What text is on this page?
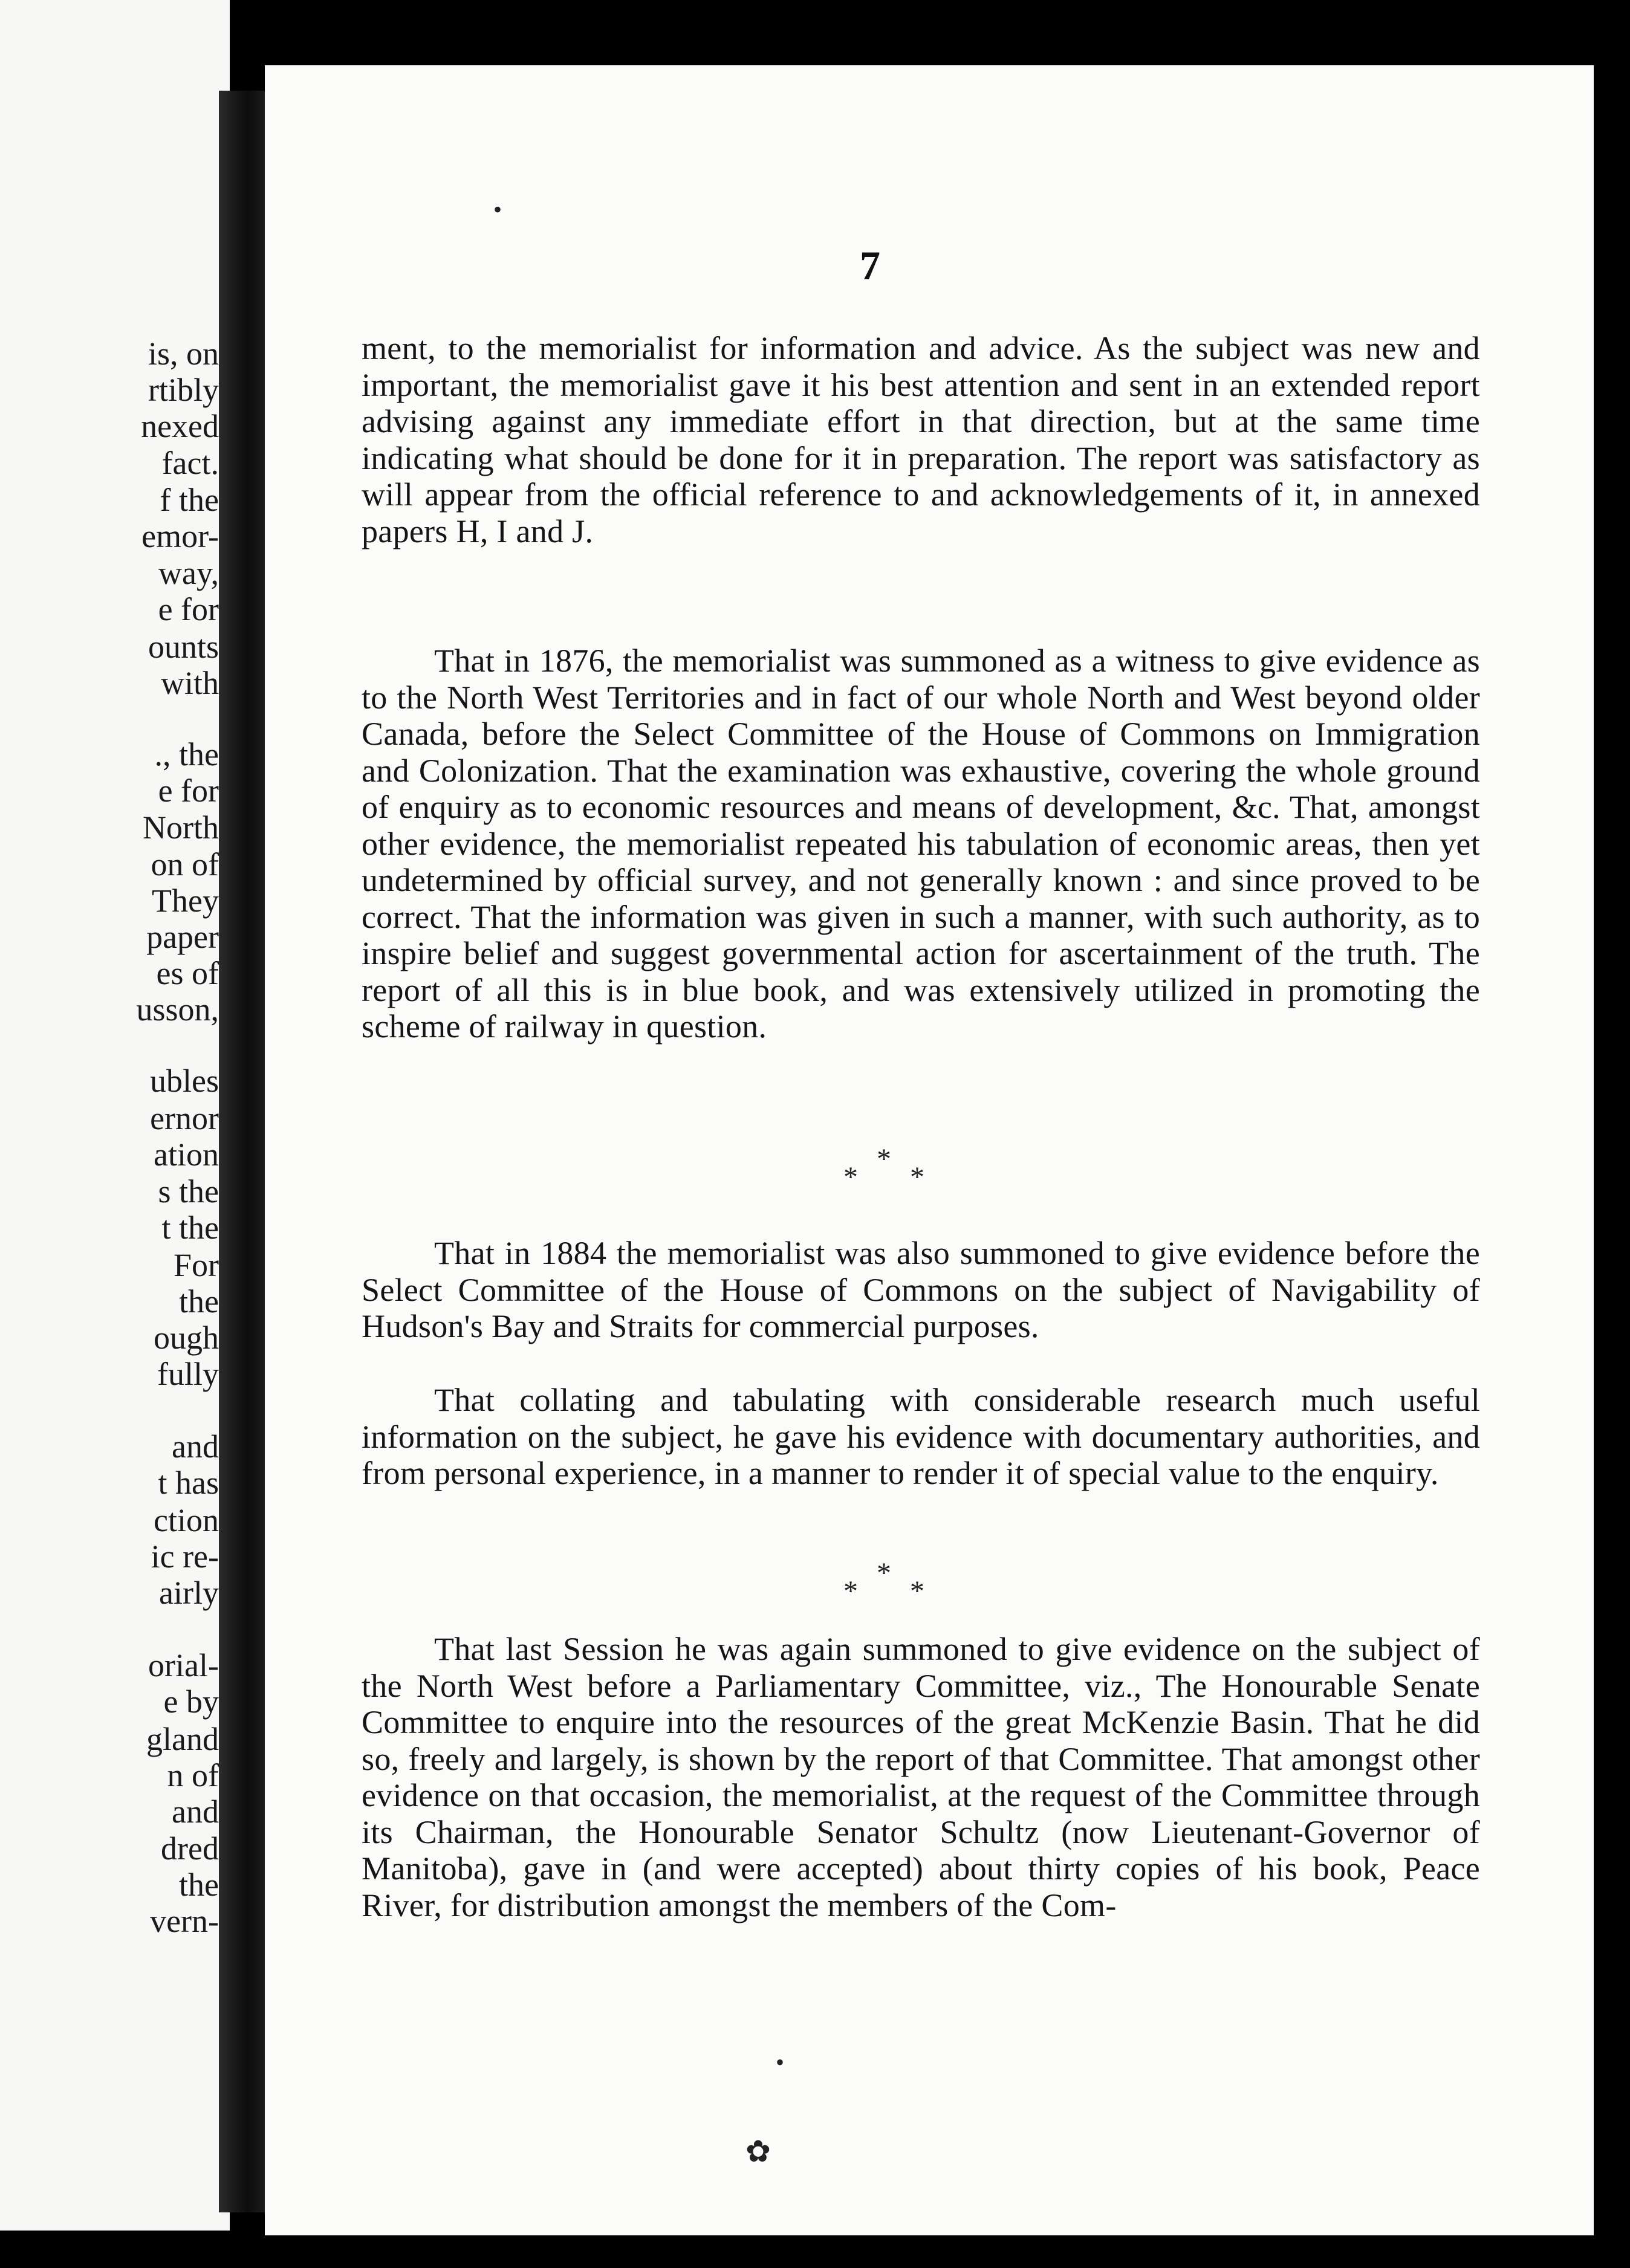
is, on
rtibly
nexed
fact.
f the
emor-
way,
e for
ounts
with
., the
e for
North
on of
They
paper
es of
usson,
ubles
ernor
ation
s the
t the
For
the
ough
fully
and
t has
ction
ic re-
airly
orial-
e by
gland
n of
and
dred
the
vern-
•
7

ment, to the memorialist for information and advice. As the subject was new and important, the memorialist gave it his best attention and sent in an extended report advising against any immediate effort in that direction, but at the same time indicating what should be done for it in preparation. The report was satisfactory as will appear from the official reference to and acknowledgements of it, in annexed papers H, I and J.

That in 1876, the memorialist was summoned as a witness to give evidence as to the North West Territories and in fact of our whole North and West beyond older Canada, before the Select Committee of the House of Commons on Immigration and Colonization. That the examination was exhaustive, covering the whole ground of enquiry as to economic resources and means of development, &c. That, amongst other evidence, the memorialist repeated his tabulation of economic areas, then yet undetermined by official survey, and not generally known : and since proved to be correct. That the information was given in such a manner, with such authority, as to inspire belief and suggest governmental action for ascertainment of the truth. The report of all this is in blue book, and was extensively utilized in promoting the scheme of railway in question.

*
*
*

That in 1884 the memorialist was also summoned to give evidence before the Select Committee of the House of Commons on the subject of Navigability of Hudson's Bay and Straits for commercial purposes.

That collating and tabulating with considerable research much useful information on the subject, he gave his evidence with documentary authorities, and from personal experience, in a manner to render it of special value to the enquiry.

*
*
*

That last Session he was again summoned to give evidence on the subject of the North West before a Parliamentary Committee, viz., The Honourable Senate Committee to enquire into the resources of the great McKenzie Basin. That he did so, freely and largely, is shown by the report of that Committee. That amongst other evidence on that occasion, the memorialist, at the request of the Committee through its Chairman, the Honourable Senator Schultz (now Lieutenant-Governor of Manitoba), gave in (and were accepted) about thirty copies of his book, Peace River, for distribution amongst the members of the Com-

•
✿
